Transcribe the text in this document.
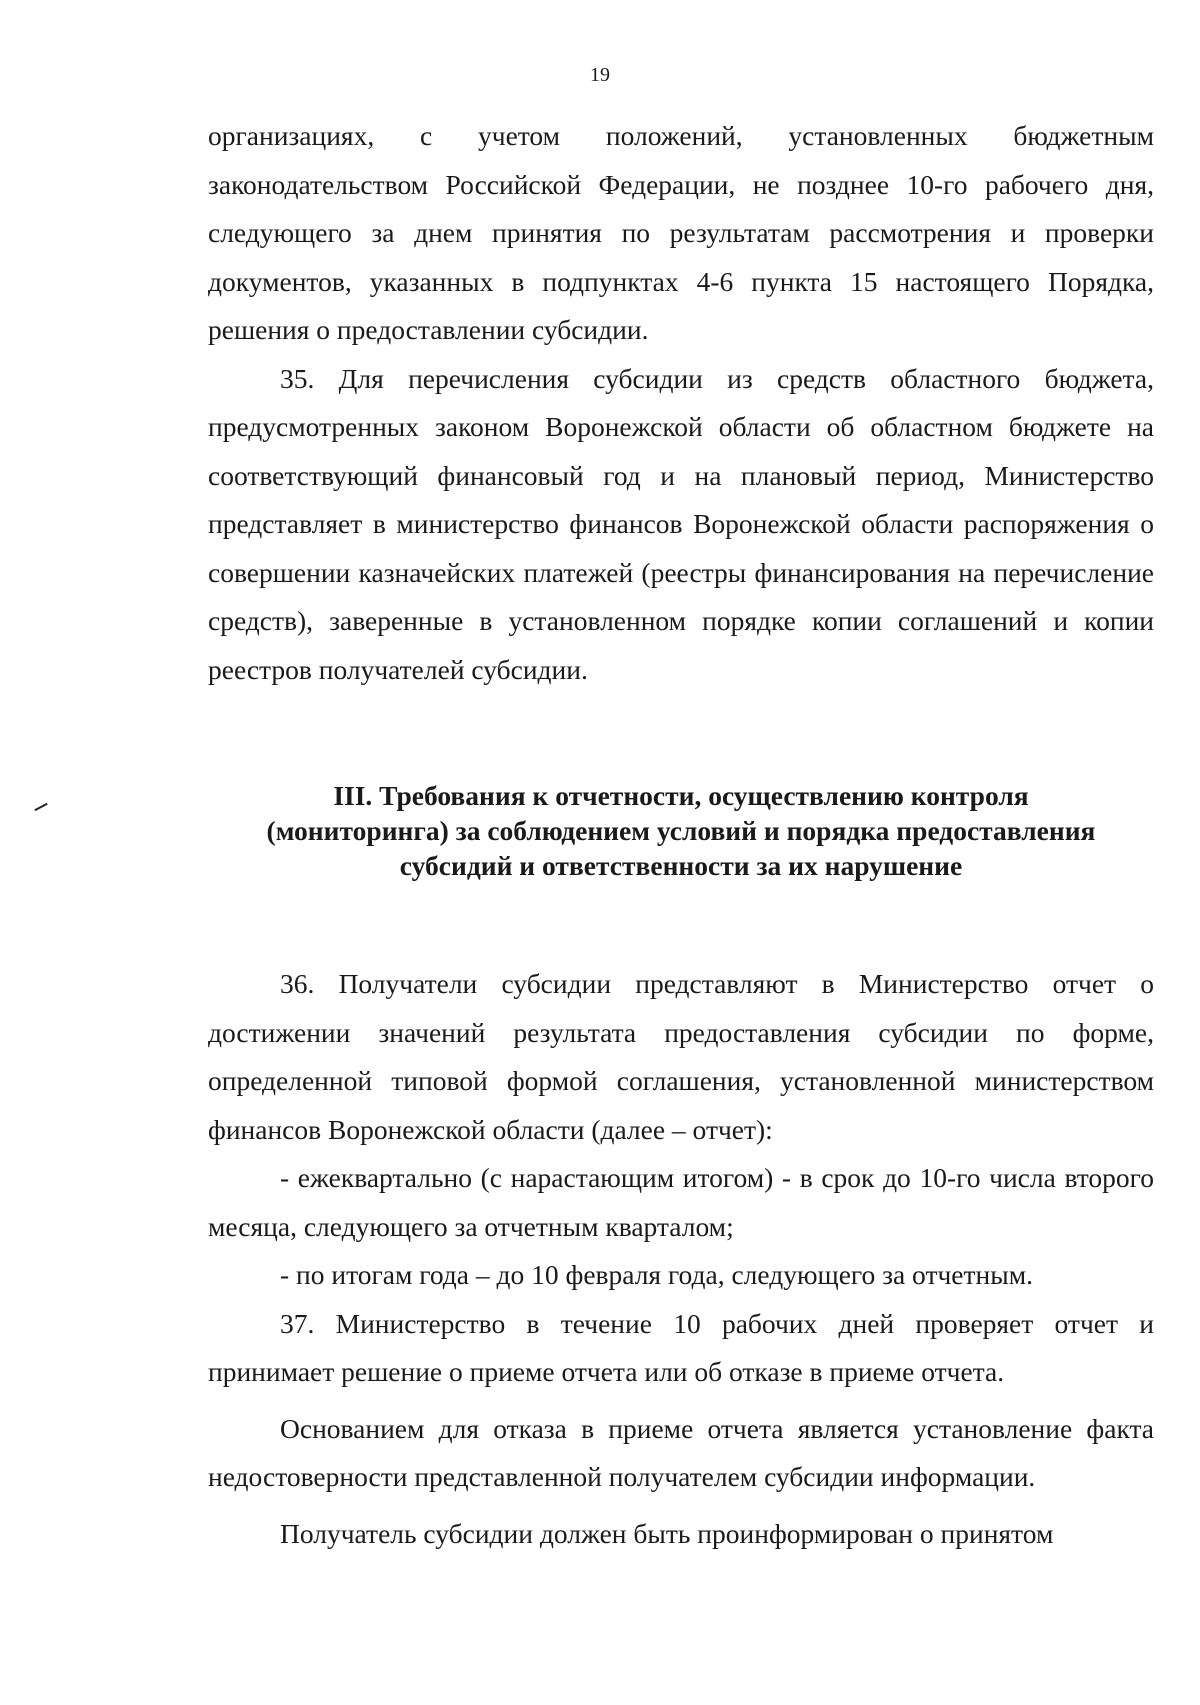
19

организациях, с учетом положений, установленных бюджетным законодательством Российской Федерации, не позднее 10-го рабочего дня, следующего за днем принятия по результатам рассмотрения и проверки документов, указанных в подпунктах 4-6 пункта 15 настоящего Порядка, решения о предоставлении субсидии.

35. Для перечисления субсидии из средств областного бюджета, предусмотренных законом Воронежской области об областном бюджете на соответствующий финансовый год и на плановый период, Министерство представляет в министерство финансов Воронежской области распоряжения о совершении казначейских платежей (реестры финансирования на перечисление средств), заверенные в установленном порядке копии соглашений и копии реестров получателей субсидии.

III. Требования к отчетности, осуществлению контроля
(мониторинга) за соблюдением условий и порядка предоставления
субсидий и ответственности за их нарушение

36. Получатели субсидии представляют в Министерство отчет о достижении значений результата предоставления субсидии по форме, определенной типовой формой соглашения, установленной министерством финансов Воронежской области (далее – отчет):

- ежеквартально (с нарастающим итогом) - в срок до 10-го числа второго месяца, следующего за отчетным кварталом;

- по итогам года – до 10 февраля года, следующего за отчетным.

37. Министерство в течение 10 рабочих дней проверяет отчет и принимает решение о приеме отчета или об отказе в приеме отчета.

Основанием для отказа в приеме отчета является установление факта недостоверности представленной получателем субсидии информации.

Получатель субсидии должен быть проинформирован о принятом
